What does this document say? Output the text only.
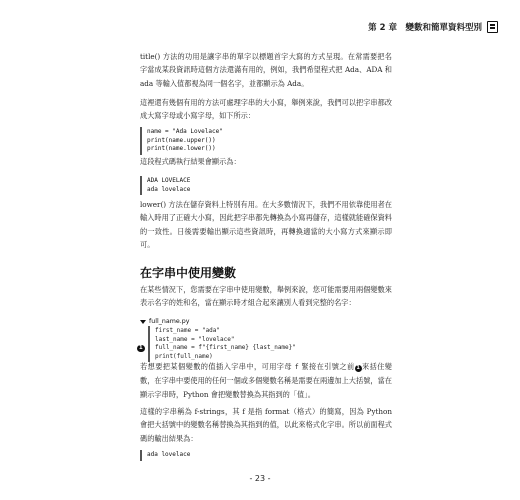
第 2 章　變數和簡單資料型別

title() 方法的功用是讓字串的單字以標題首字大寫的方式呈現。在常需要把名字當成某段資訊時這個方法還滿有用的，例如，我們希望程式把 Ada、ADA 和 ada 等輸入值都視為同一個名字，並都顯示為 Ada。

這裡還有幾個有用的方法可處理字串的大小寫，舉例來說，我們可以把字串都改成大寫字母或小寫字母，如下所示：

name = "Ada Lovelace"
print(name.upper())
print(name.lower())

這段程式碼執行結果會顯示為：

ADA LOVELACE
ada lovelace

lower() 方法在儲存資料上特別有用。在大多數情況下，我們不用依靠使用者在輸入時用了正確大小寫，因此把字串都先轉換為小寫再儲存，這樣就能確保資料的一致性。日後需要輸出顯示這些資訊時，再轉換適當的大小寫方式來顯示即可。

在字串中使用變數

在某些情況下，您需要在字串中使用變數，舉例來說，您可能需要用兩個變數來表示名字的姓和名，當在顯示時才組合起來讓別人看到完整的名字：

full_name.py
first_name = "ada"
last_name = "lovelace"
1	full_name = f"{first_name} {last_name}"
print(full_name)

若想要把某個變數的值插入字串中，可用字母 f 緊接在引號之前 1 來括住變數，在字串中要使用的任何一個或多個變數名稱是需要在兩邊加上大括號，當在顯示字串時，Python 會把變數替換為其指到的「值」。

這樣的字串稱為 f-strings，其 f 是指 format（格式）的簡寫，因為 Python 會把大括號中的變數名稱替換為其指到的值，以此來格式化字串。所以前面程式碼的輸出結果為：

ada lovelace
- 23 -
